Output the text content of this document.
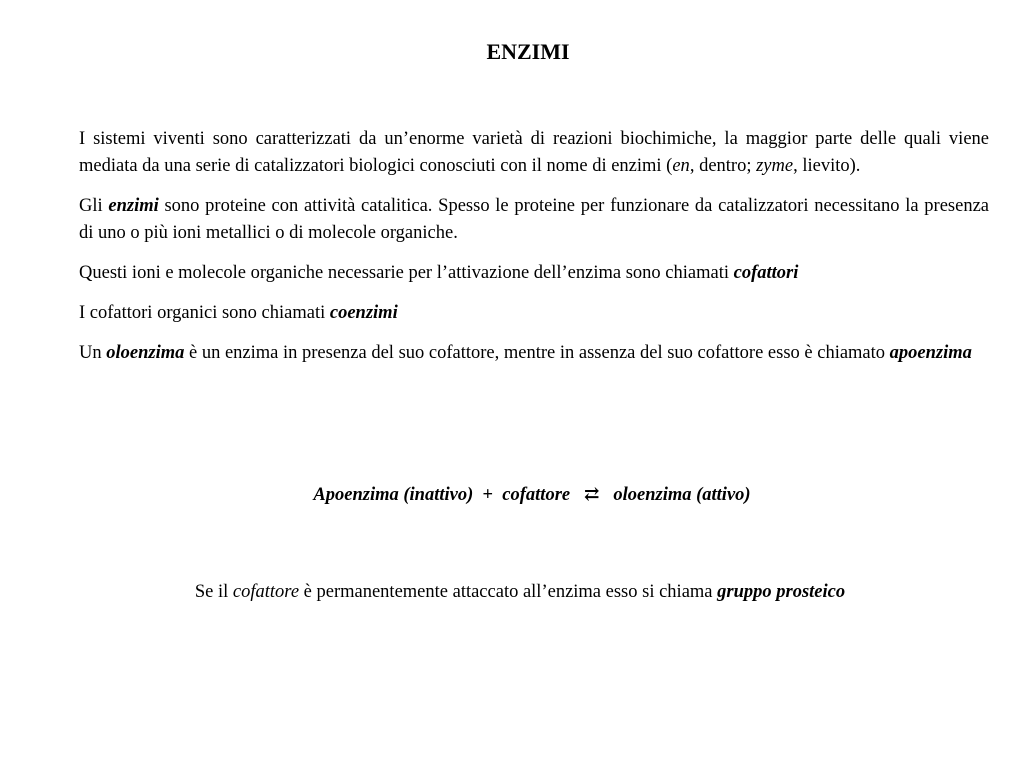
ENZIMI

I sistemi viventi sono caratterizzati da un’enorme varietà di reazioni biochimiche, la maggior parte delle quali viene mediata da una serie di catalizzatori biologici conosciuti con il nome di enzimi (en, dentro; zyme, lievito).

Gli enzimi sono proteine con attività catalitica. Spesso le proteine per funzionare da catalizzatori necessitano la presenza di uno o più ioni metallici o di molecole organiche.

Questi ioni e molecole organiche necessarie per l’attivazione dell’enzima sono chiamati cofattori

I cofattori organici sono chiamati coenzimi

Un oloenzima è un enzima in presenza del suo cofattore, mentre in assenza del suo cofattore esso è chiamato apoenzima

Apoenzima (inattivo) + cofattore ⇄ oloenzima (attivo)
Se il cofattore è permanentemente attaccato all’enzima esso si chiama gruppo prosteico
